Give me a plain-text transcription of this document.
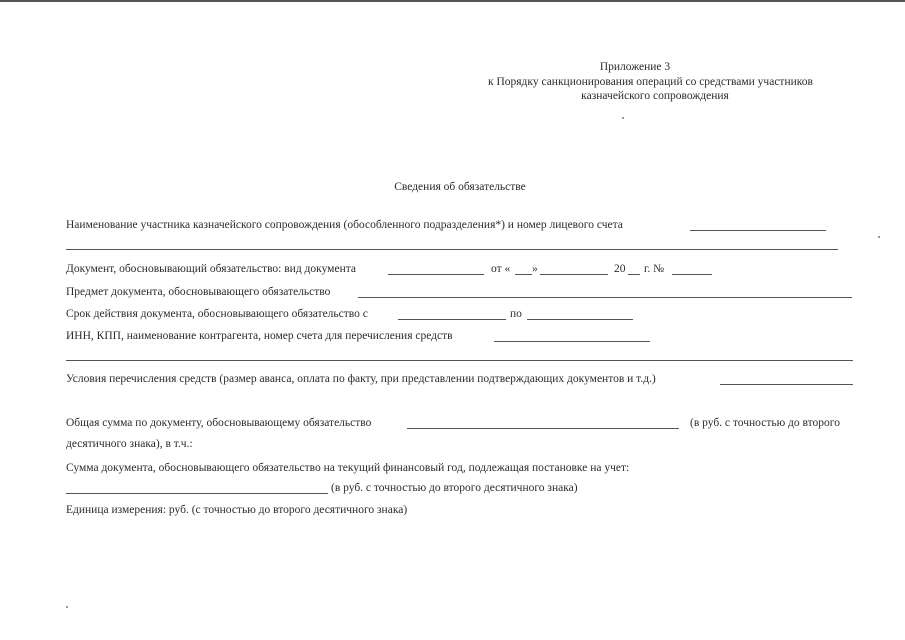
Приложение 3
к Порядку санкционирования операций со средствами участников
казначейского сопровождения
Сведения об обязательстве
Наименование участника казначейского сопровождения (обособленного подразделения*) и номер лицевого счета
Документ, обосновывающий обязательство: вид документа	от « »	20 г. №
Предмет документа, обосновывающего обязательство
Срок действия документа, обосновывающего обязательство с	по
ИНН, КПП, наименование контрагента, номер счета для перечисления средств
Условия перечисления средств (размер аванса, оплата по факту, при представлении подтверждающих документов и т.д.)
Общая сумма по документу, обосновывающему обязательство	(в руб. с точностью до второго
десятичного знака), в т.ч.:
Сумма документа, обосновывающего обязательство на текущий финансовый год, подлежащая постановке на учет:
(в руб. с точностью до второго десятичного знака)
Единица измерения: руб. (с точностью до второго десятичного знака)
